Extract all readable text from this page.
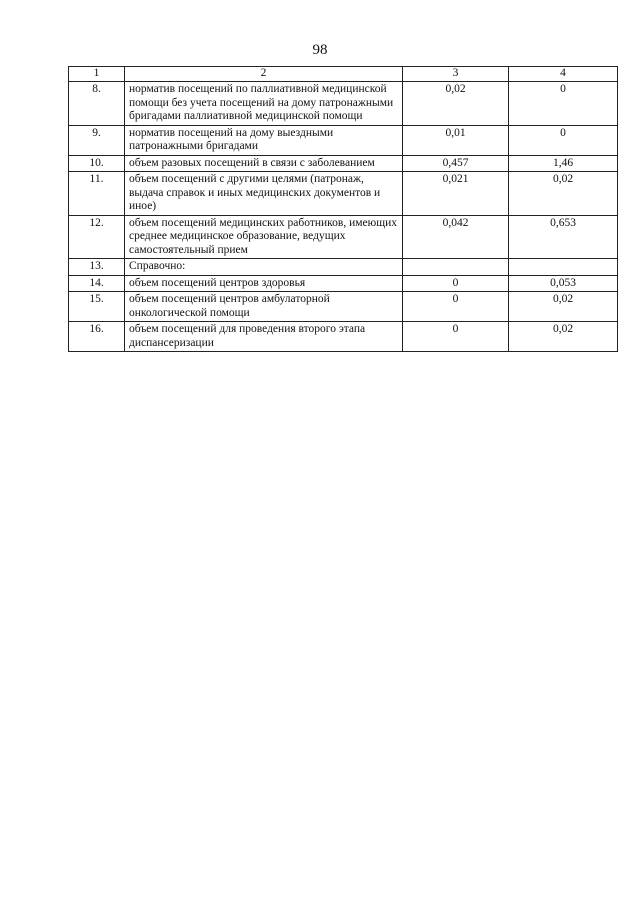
98
1	2	3	4
8.	норматив посещений по паллиативной медицинской помощи без учета посещений на дому патронажными бригадами паллиативной медицинской помощи	0,02	0
9.	норматив посещений на дому выездными патронажными бригадами	0,01	0
10.	объем разовых посещений в связи с заболеванием	0,457	1,46
11.	объем посещений с другими целями (патронаж, выдача справок и иных медицинских документов и иное)	0,021	0,02
12.	объем посещений медицинских работников, имеющих среднее медицинское образование, ведущих самостоятельный прием	0,042	0,653
13.	Справочно:		
14.	объем посещений центров здоровья	0	0,053
15.	объем посещений центров амбулаторной онкологической помощи	0	0,02
16.	объем посещений для проведения второго этапа диспансеризации	0	0,02
